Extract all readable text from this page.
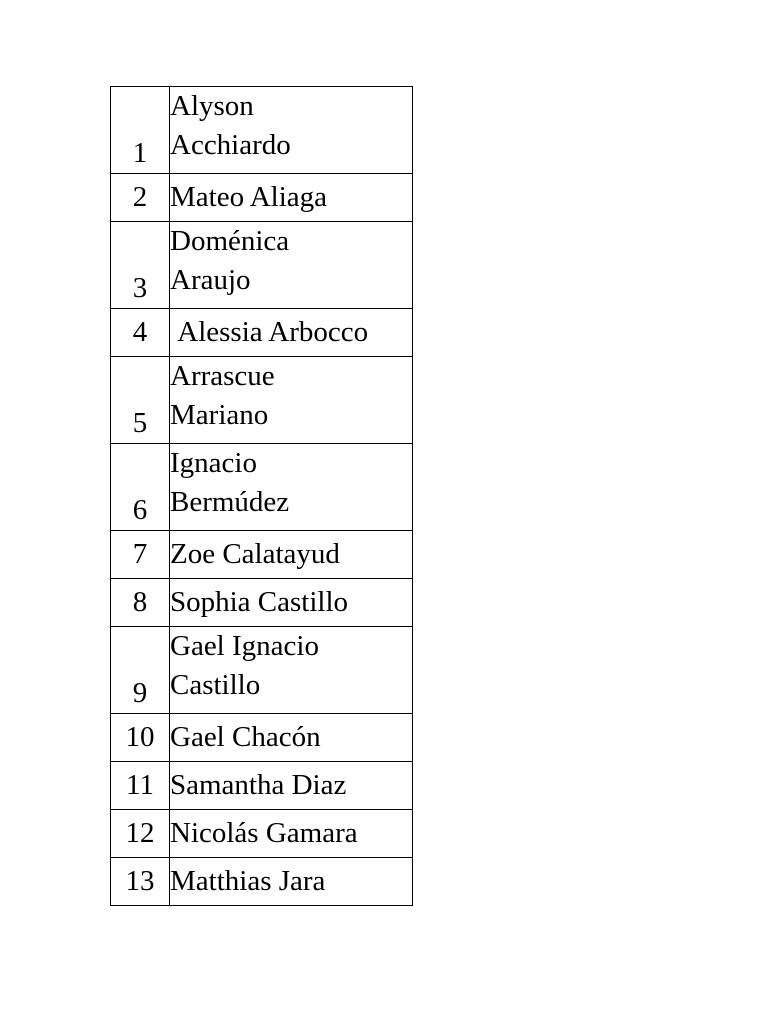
1	Alyson
Acchiardo
2	Mateo Aliaga
3	Doménica
Araujo
4	Alessia Arbocco
5	Arrascue
Mariano
6	Ignacio
Bermúdez
7	Zoe Calatayud
8	Sophia Castillo
9	Gael Ignacio
Castillo
10	Gael Chacón
11	Samantha Diaz
12	Nicolás Gamara
13	Matthias Jara
